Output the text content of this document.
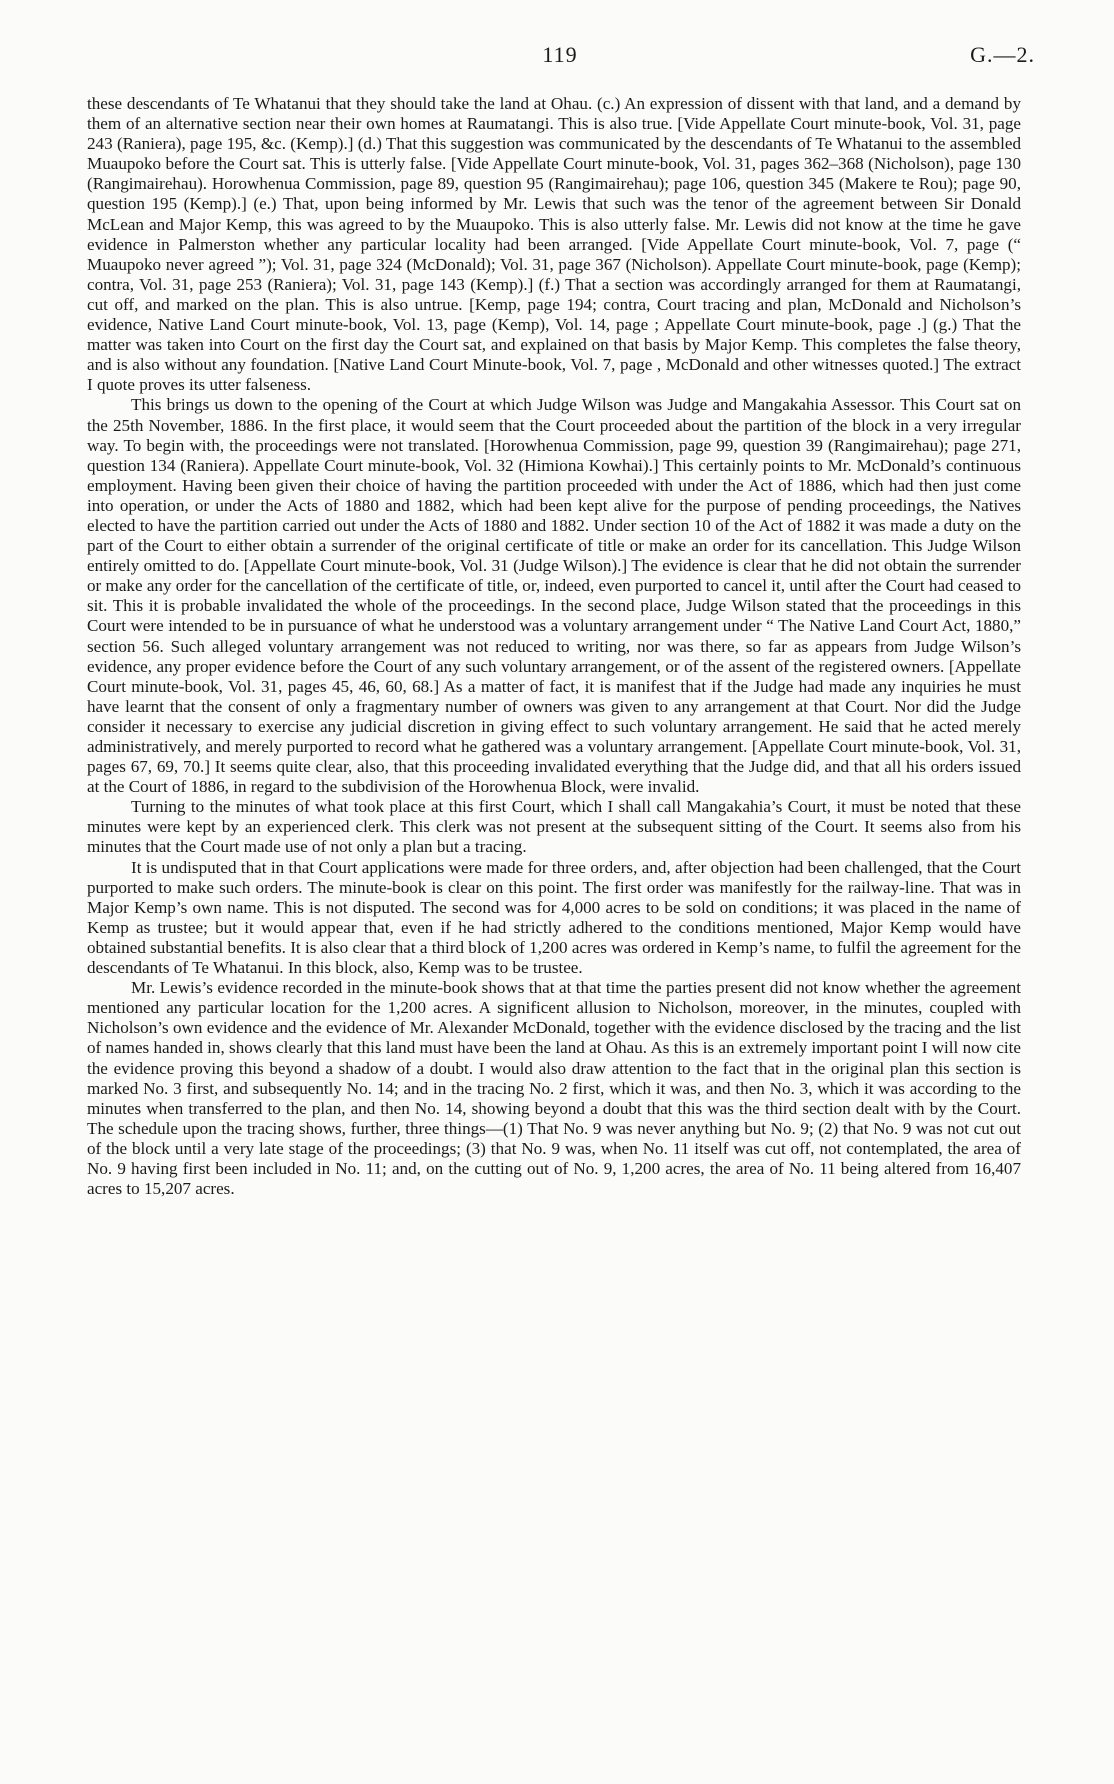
119	G.—2.

these descendants of Te Whatanui that they should take the land at Ohau. (c.) An expression of dissent with that land, and a demand by them of an alternative section near their own homes at Raumatangi. This is also true. [Vide Appellate Court minute-book, Vol. 31, page 243 (Raniera), page 195, &c. (Kemp).] (d.) That this suggestion was communicated by the descendants of Te Whatanui to the assembled Muaupoko before the Court sat. This is utterly false. [Vide Appellate Court minute-book, Vol. 31, pages 362–368 (Nicholson), page 130 (Rangimairehau). Horowhenua Commission, page 89, question 95 (Rangimairehau); page 106, question 345 (Makere te Rou); page 90, question 195 (Kemp).] (e.) That, upon being informed by Mr. Lewis that such was the tenor of the agreement between Sir Donald McLean and Major Kemp, this was agreed to by the Muaupoko. This is also utterly false. Mr. Lewis did not know at the time he gave evidence in Palmerston whether any particular locality had been arranged. [Vide Appellate Court minute-book, Vol. 7, page (“ Muaupoko never agreed ”); Vol. 31, page 324 (McDonald); Vol. 31, page 367 (Nicholson). Appellate Court minute-book, page (Kemp); contra, Vol. 31, page 253 (Raniera); Vol. 31, page 143 (Kemp).] (f.) That a section was accordingly arranged for them at Raumatangi, cut off, and marked on the plan. This is also untrue. [Kemp, page 194; contra, Court tracing and plan, McDonald and Nicholson’s evidence, Native Land Court minute-book, Vol. 13, page (Kemp), Vol. 14, page ; Appellate Court minute-book, page .] (g.) That the matter was taken into Court on the first day the Court sat, and explained on that basis by Major Kemp. This completes the false theory, and is also without any foundation. [Native Land Court Minute-book, Vol. 7, page , McDonald and other witnesses quoted.] The extract I quote proves its utter falseness.

This brings us down to the opening of the Court at which Judge Wilson was Judge and Mangakahia Assessor. This Court sat on the 25th November, 1886. In the first place, it would seem that the Court proceeded about the partition of the block in a very irregular way. To begin with, the proceedings were not translated. [Horowhenua Commission, page 99, question 39 (Rangimairehau); page 271, question 134 (Raniera). Appellate Court minute-book, Vol. 32 (Himiona Kowhai).] This certainly points to Mr. McDonald’s continuous employment. Having been given their choice of having the partition proceeded with under the Act of 1886, which had then just come into operation, or under the Acts of 1880 and 1882, which had been kept alive for the purpose of pending proceedings, the Natives elected to have the partition carried out under the Acts of 1880 and 1882. Under section 10 of the Act of 1882 it was made a duty on the part of the Court to either obtain a surrender of the original certificate of title or make an order for its cancellation. This Judge Wilson entirely omitted to do. [Appellate Court minute-book, Vol. 31 (Judge Wilson).] The evidence is clear that he did not obtain the surrender or make any order for the cancellation of the certificate of title, or, indeed, even purported to cancel it, until after the Court had ceased to sit. This it is probable invalidated the whole of the proceedings. In the second place, Judge Wilson stated that the proceedings in this Court were intended to be in pursuance of what he understood was a voluntary arrangement under “ The Native Land Court Act, 1880,” section 56. Such alleged voluntary arrangement was not reduced to writing, nor was there, so far as appears from Judge Wilson’s evidence, any proper evidence before the Court of any such voluntary arrangement, or of the assent of the registered owners. [Appellate Court minute-book, Vol. 31, pages 45, 46, 60, 68.] As a matter of fact, it is manifest that if the Judge had made any inquiries he must have learnt that the consent of only a fragmentary number of owners was given to any arrangement at that Court. Nor did the Judge consider it necessary to exercise any judicial discretion in giving effect to such voluntary arrangement. He said that he acted merely administratively, and merely purported to record what he gathered was a voluntary arrangement. [Appellate Court minute-book, Vol. 31, pages 67, 69, 70.] It seems quite clear, also, that this proceeding invalidated everything that the Judge did, and that all his orders issued at the Court of 1886, in regard to the subdivision of the Horowhenua Block, were invalid.

Turning to the minutes of what took place at this first Court, which I shall call Mangakahia’s Court, it must be noted that these minutes were kept by an experienced clerk. This clerk was not present at the subsequent sitting of the Court. It seems also from his minutes that the Court made use of not only a plan but a tracing.

It is undisputed that in that Court applications were made for three orders, and, after objection had been challenged, that the Court purported to make such orders. The minute-book is clear on this point. The first order was manifestly for the railway-line. That was in Major Kemp’s own name. This is not disputed. The second was for 4,000 acres to be sold on conditions; it was placed in the name of Kemp as trustee; but it would appear that, even if he had strictly adhered to the conditions mentioned, Major Kemp would have obtained substantial benefits. It is also clear that a third block of 1,200 acres was ordered in Kemp’s name, to fulfil the agreement for the descendants of Te Whatanui. In this block, also, Kemp was to be trustee.

Mr. Lewis’s evidence recorded in the minute-book shows that at that time the parties present did not know whether the agreement mentioned any particular location for the 1,200 acres. A significent allusion to Nicholson, moreover, in the minutes, coupled with Nicholson’s own evidence and the evidence of Mr. Alexander McDonald, together with the evidence disclosed by the tracing and the list of names handed in, shows clearly that this land must have been the land at Ohau. As this is an extremely important point I will now cite the evidence proving this beyond a shadow of a doubt. I would also draw attention to the fact that in the original plan this section is marked No. 3 first, and subsequently No. 14; and in the tracing No. 2 first, which it was, and then No. 3, which it was according to the minutes when transferred to the plan, and then No. 14, showing beyond a doubt that this was the third section dealt with by the Court. The schedule upon the tracing shows, further, three things—(1) That No. 9 was never anything but No. 9; (2) that No. 9 was not cut out of the block until a very late stage of the proceedings; (3) that No. 9 was, when No. 11 itself was cut off, not contemplated, the area of No. 9 having first been included in No. 11; and, on the cutting out of No. 9, 1,200 acres, the area of No. 11 being altered from 16,407 acres to 15,207 acres.
